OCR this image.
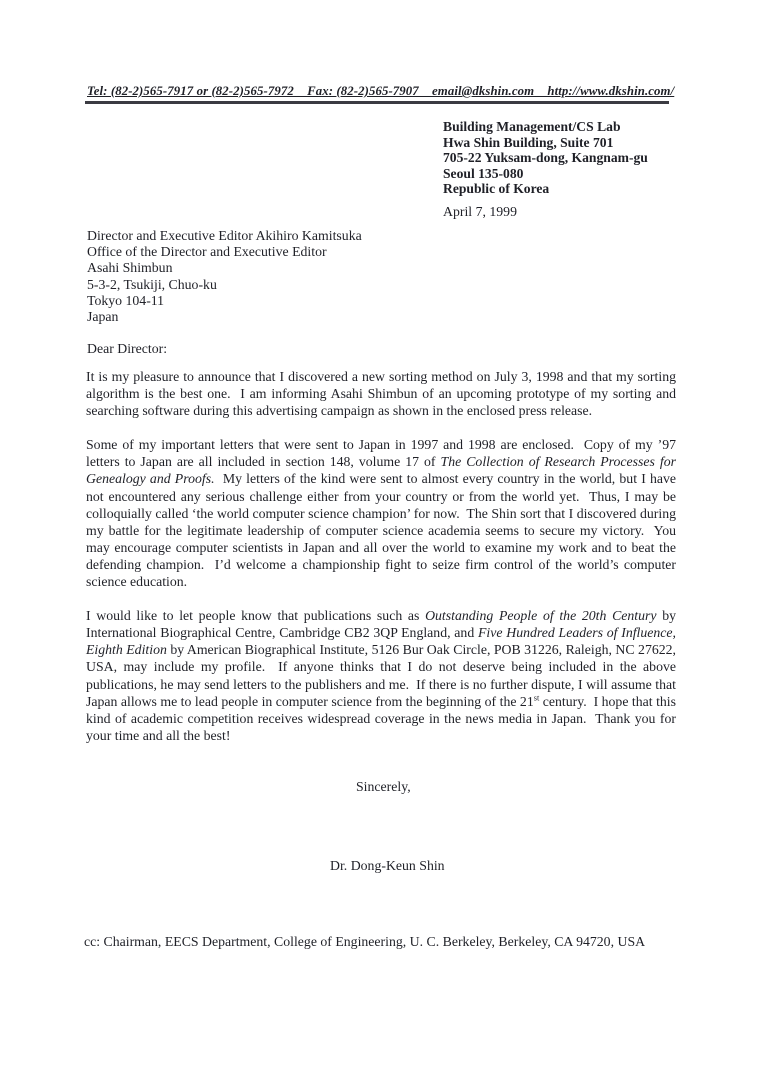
Tel: (82-2)565-7917 or (82-2)565-7972    Fax: (82-2)565-7907    email@dkshin.com    http://www.dkshin.com/
Building Management/CS Lab
Hwa Shin Building, Suite 701
705-22 Yuksam-dong, Kangnam-gu
Seoul 135-080
Republic of Korea
April 7, 1999
Director and Executive Editor Akihiro Kamitsuka
Office of the Director and Executive Editor
Asahi Shimbun
5-3-2, Tsukiji, Chuo-ku
Tokyo 104-11
Japan
Dear Director:

It is my pleasure to announce that I discovered a new sorting method on July 3, 1998 and that my sorting algorithm is the best one.  I am informing Asahi Shimbun of an upcoming prototype of my sorting and searching software during this advertising campaign as shown in the enclosed press release.

Some of my important letters that were sent to Japan in 1997 and 1998 are enclosed.  Copy of my ’97 letters to Japan are all included in section 148, volume 17 of The Collection of Research Processes for Genealogy and Proofs.  My letters of the kind were sent to almost every country in the world, but I have not encountered any serious challenge either from your country or from the world yet.  Thus, I may be colloquially called ‘the world computer science champion’ for now.  The Shin sort that I discovered during my battle for the legitimate leadership of computer science academia seems to secure my victory.  You may encourage computer scientists in Japan and all over the world to examine my work and to beat the defending champion.  I’d welcome a championship fight to seize firm control of the world’s computer science education.

I would like to let people know that publications such as Outstanding People of the 20th Century by International Biographical Centre, Cambridge CB2 3QP England, and Five Hundred Leaders of Influence, Eighth Edition by American Biographical Institute, 5126 Bur Oak Circle, POB 31226, Raleigh, NC 27622, USA, may include my profile.  If anyone thinks that I do not deserve being included in the above publications, he may send letters to the publishers and me.  If there is no further dispute, I will assume that Japan allows me to lead people in computer science from the beginning of the 21st century.  I hope that this kind of academic competition receives widespread coverage in the news media in Japan.  Thank you for your time and all the best!

Sincerely,
Dr. Dong-Keun Shin
cc: Chairman, EECS Department, College of Engineering, U. C. Berkeley, Berkeley, CA 94720, USA
